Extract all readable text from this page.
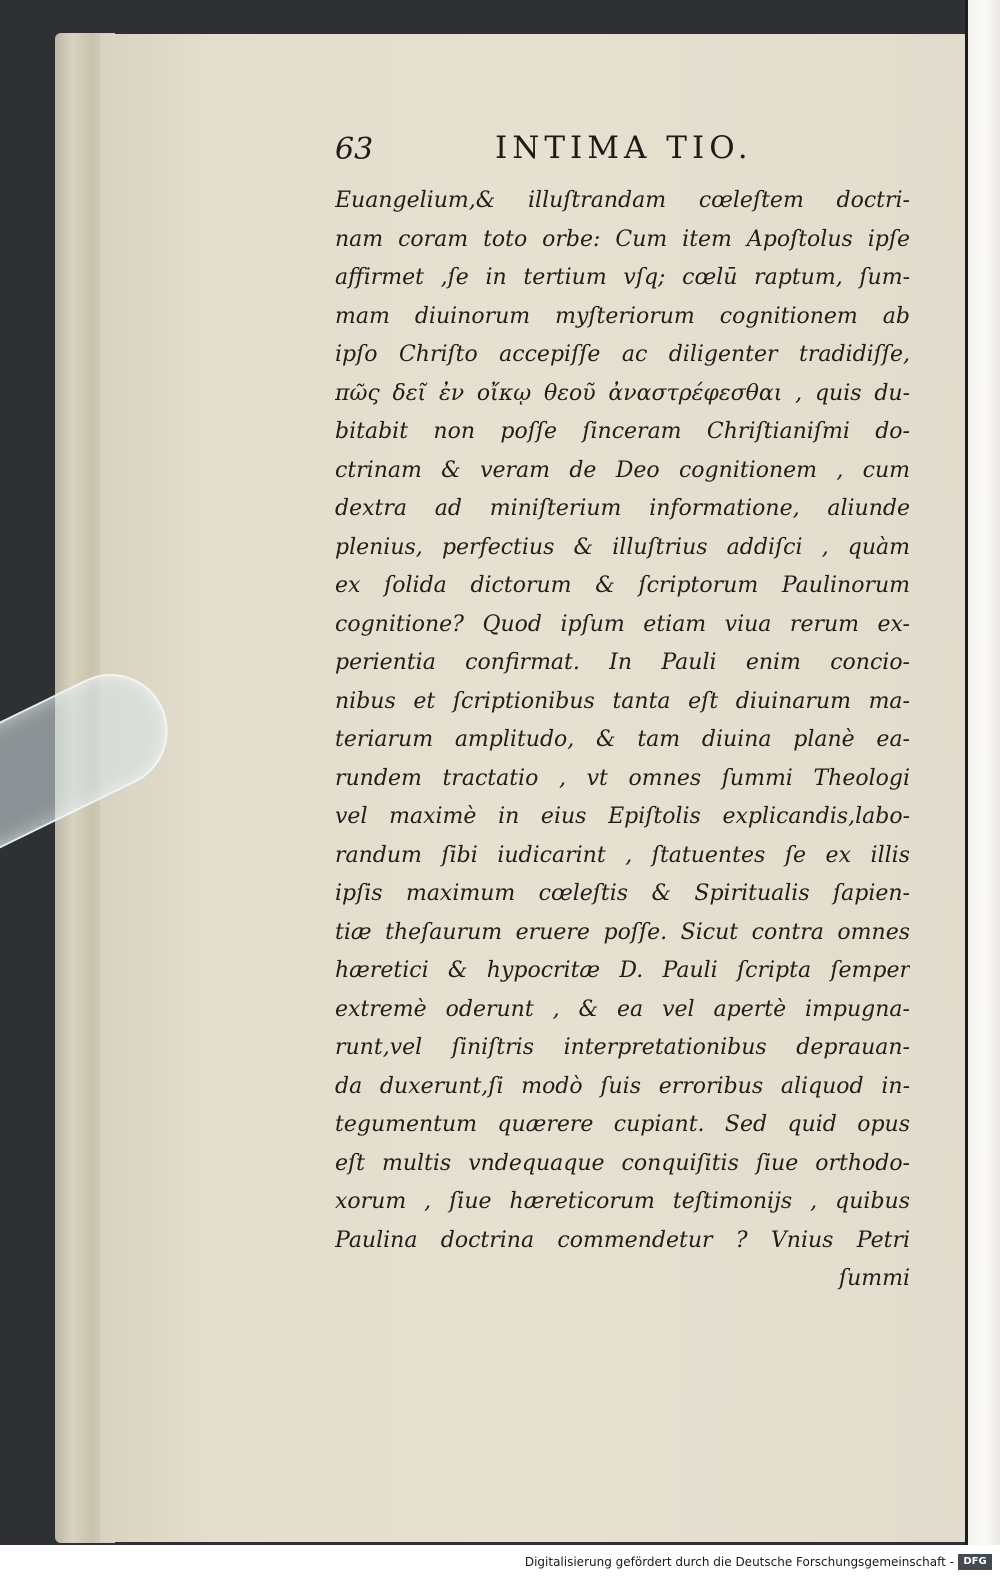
63	INTIMA TIO.
Euangelium,& illuſtrandam cœleſtem doctri-
nam coram toto orbe: Cum item Apoſtolus ipſe
affirmet ,ſe in tertium vſq; cœlū raptum, ſum-
mam diuinorum myſteriorum cognitionem ab
ipſo Chriſto accepiſſe ac diligenter tradidiſſe,
πῶς δεῖ ἐν οἴκῳ θεοῦ ἀναστρέφεσθαι , quis du-
bitabit non poſſe ſinceram Chriſtianiſmi do-
ctrinam & veram de Deo cognitionem , cum
dextra ad miniſterium informatione, aliunde
plenius, perfectius & illuſtrius addiſci , quàm
ex ſolida dictorum & ſcriptorum Paulinorum
cognitione? Quod ipſum etiam viua rerum ex-
perientia confirmat. In Pauli enim concio-
nibus et ſcriptionibus tanta eſt diuinarum ma-
teriarum amplitudo, & tam diuina planè ea-
rundem tractatio , vt omnes ſummi Theologi
vel maximè in eius Epiſtolis explicandis,labo-
randum ſibi iudicarint , ſtatuentes ſe ex illis
ipſis maximum cœleſtis & Spiritualis ſapien-
tiæ theſaurum eruere poſſe. Sicut contra omnes
hæretici & hypocritæ D. Pauli ſcripta ſemper
extremè oderunt , & ea vel apertè impugna-
runt,vel ſiniſtris interpretationibus deprauan-
da duxerunt,ſi modò ſuis erroribus aliquod in-
tegumentum quærere cupiant. Sed quid opus
eſt multis vndequaque conquiſitis ſiue orthodo-
xorum , ſiue hæreticorum teſtimonijs , quibus
Paulina doctrina commendetur ? Vnius Petri
ſummi
Digitalisierung gefördert durch die Deutsche Forschungsgemeinschaft - DFG
